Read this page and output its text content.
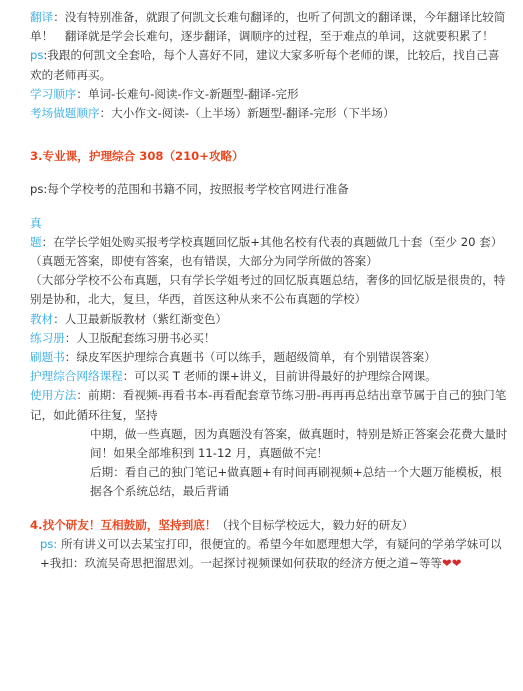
翻译：没有特别准备，就跟了何凯文长难句翻译的，也听了何凯文的翻译课，今年翻译比较简单！　翻译就是学会长难句，逐步翻译，调顺序的过程，至于难点的单词，这就要积累了！

ps:我跟的何凯文全套哈，每个人喜好不同，建议大家多听每个老师的课，比较后，找自己喜欢的老师再买。

学习顺序：单词-长难句-阅读-作文-新题型-翻译-完形

考场做题顺序：大小作文-阅读-（上半场）新题型-翻译-完形（下半场）

3.专业课，护理综合 308（210+攻略）

ps:每个学校考的范围和书籍不同，按照报考学校官网进行准备

真题：在学长学姐处购买报考学校真题回忆版+其他名校有代表的真题做几十套（至少 20 套）

（真题无答案，即使有答案，也有错误，大部分为同学所做的答案）

（大部分学校不公布真题，只有学长学姐考过的回忆版真题总结，奢侈的回忆版是很贵的，特别是协和，北大，复旦，华西，首医这种从来不公布真题的学校）

教材：人卫最新版教材（紫红渐变色）

练习册：人卫版配套练习册书必买！

刷题书：绿皮军医护理综合真题书（可以练手，题超级简单，有个别错误答案）

护理综合网络课程：可以买 T 老师的课+讲义，目前讲得最好的护理综合网课。

使用方法：前期：看视频-再看书本-再看配套章节练习册-再再再总结出章节属于自己的独门笔记，如此循环往复，坚持

中期，做一些真题，因为真题没有答案，做真题时，特别是矫正答案会花费大量时间！如果全部堆积到 11-12 月，真题做不完！

后期：看自己的独门笔记+做真题+有时间再刷视频+总结一个大题万能模板，根据各个系统总结，最后背诵

4.找个研友！互相鼓励，坚持到底！（找个目标学校远大，毅力好的研友）

ps: 所有讲义可以去某宝打印，很便宜的。希望今年如愿理想大学，有疑问的学弟学妹可以+我扣：玖流吴奇思把溜思刘。一起探讨视频课如何获取的经济方便之道~等等❤❤
